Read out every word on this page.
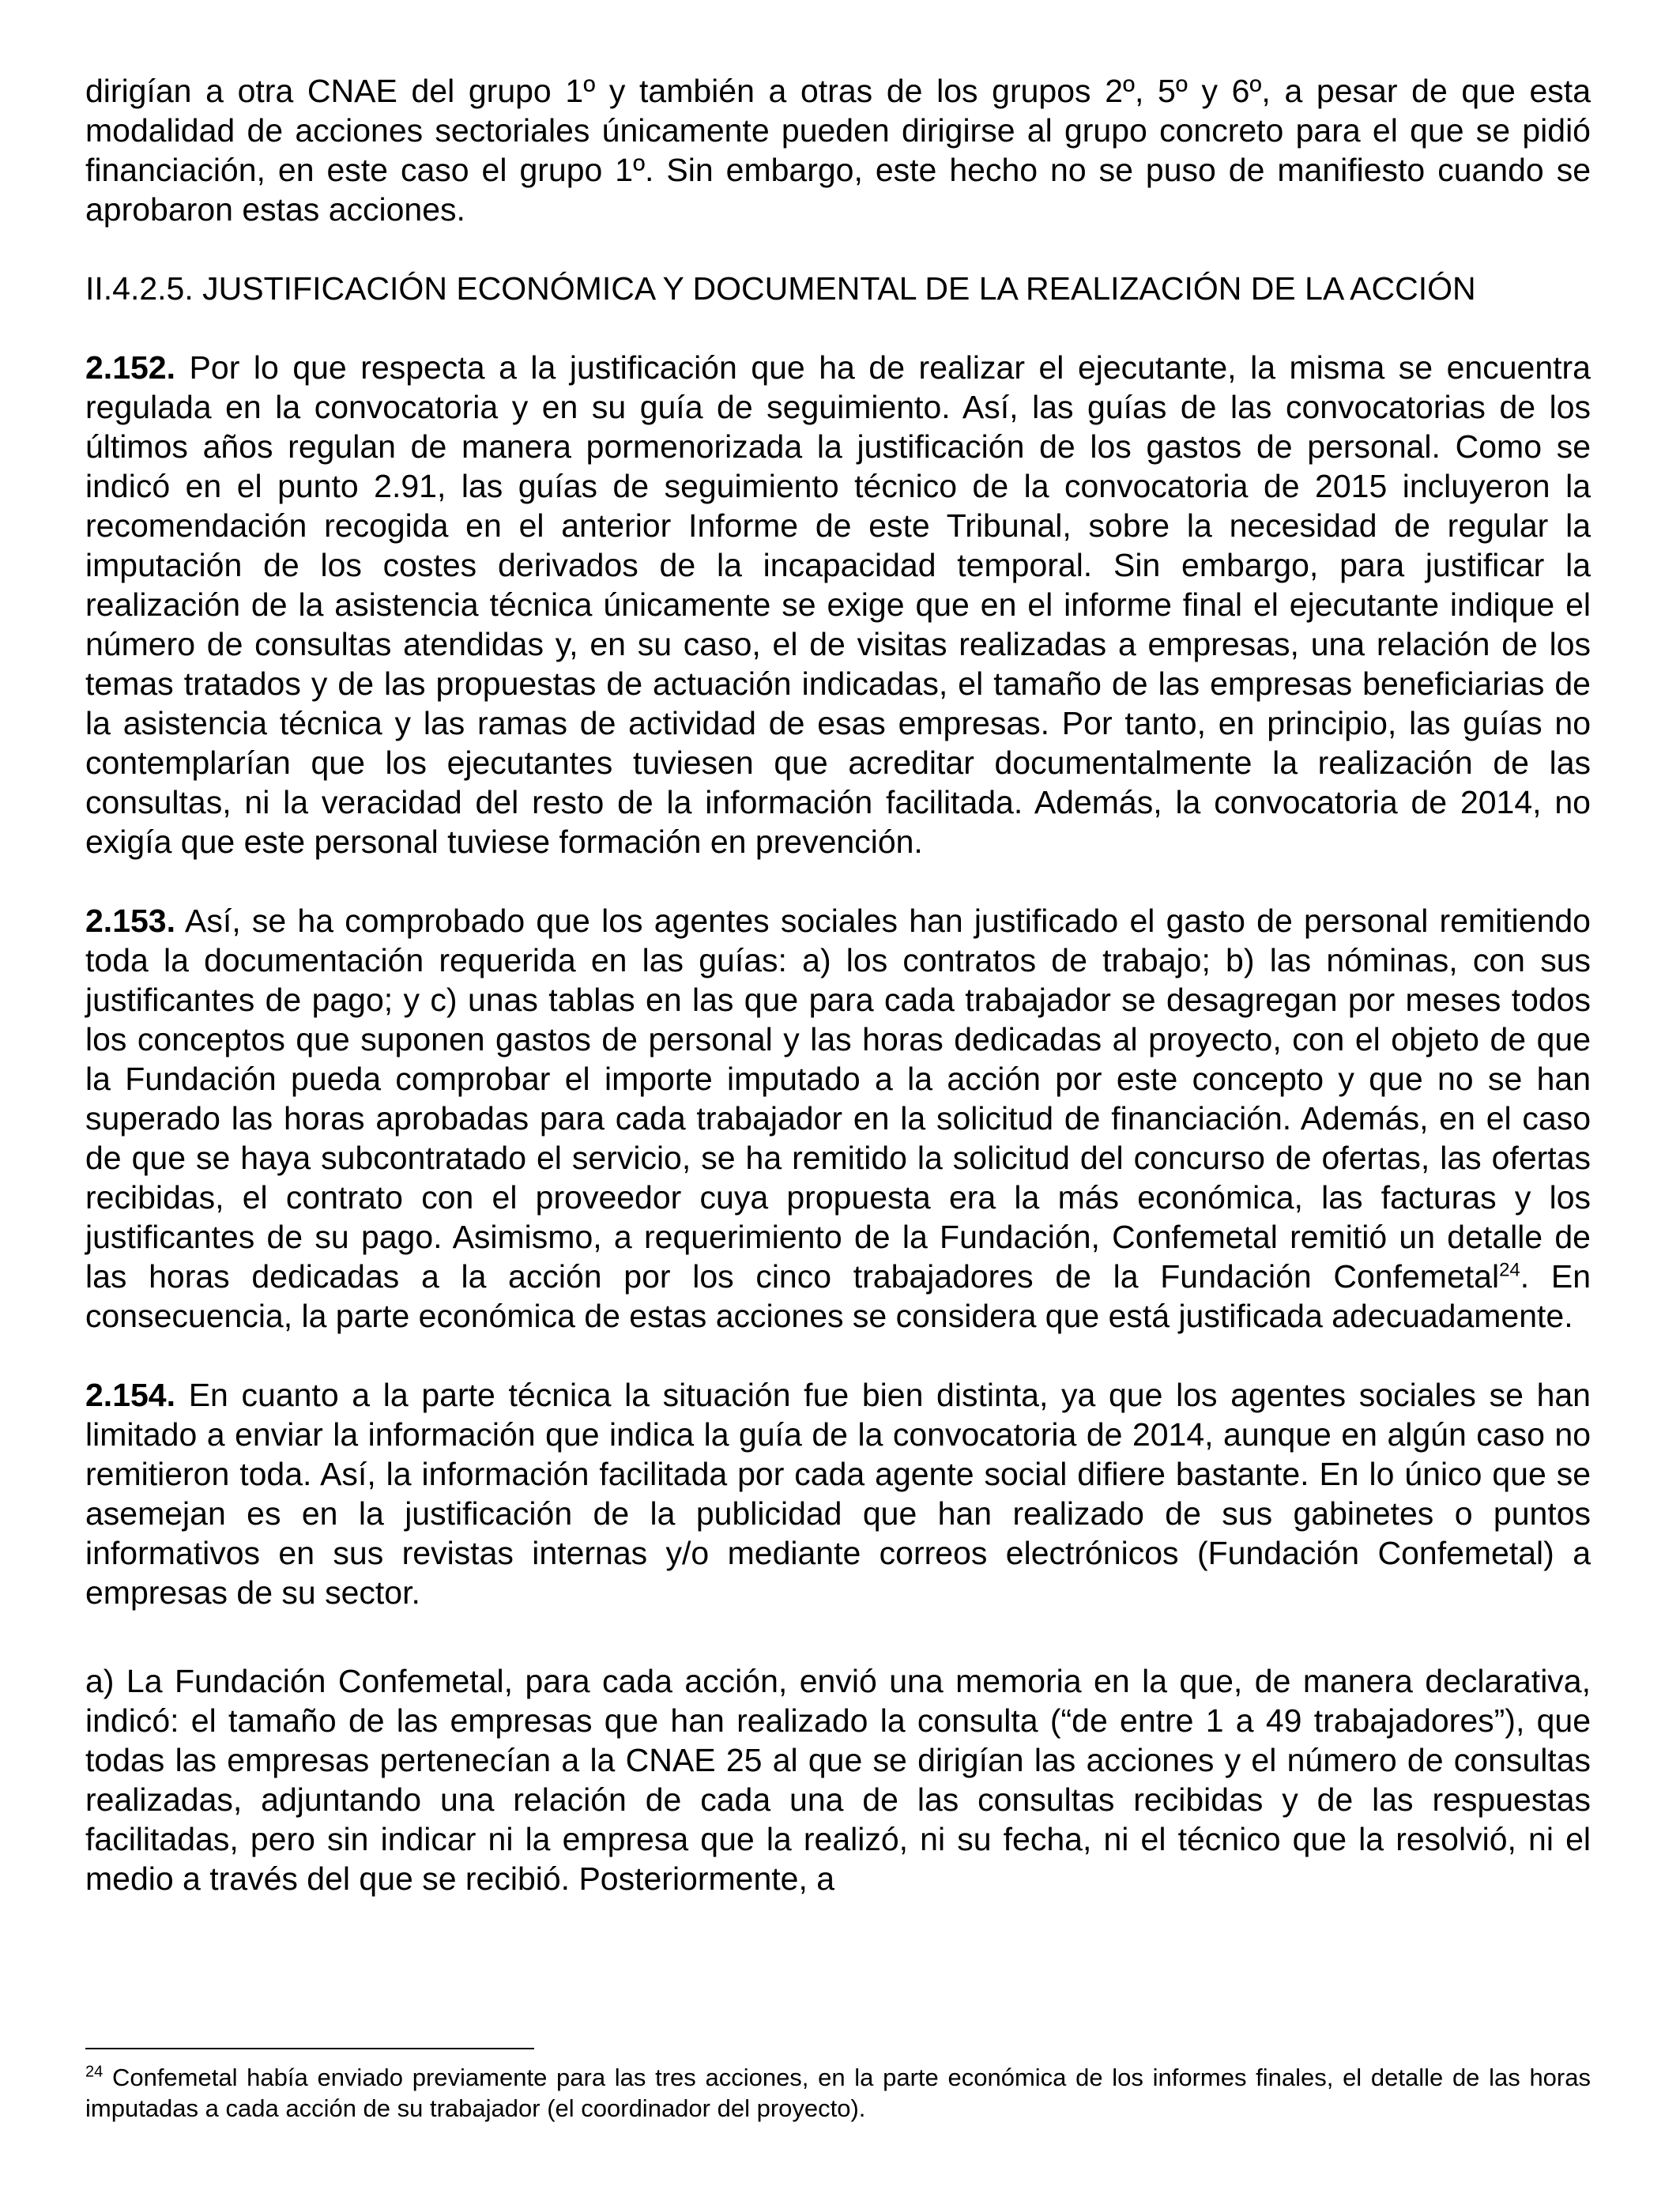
dirigían a otra CNAE del grupo 1º y también a otras de los grupos 2º, 5º y 6º, a pesar de que esta modalidad de acciones sectoriales únicamente pueden dirigirse al grupo concreto para el que se pidió financiación, en este caso el grupo 1º. Sin embargo, este hecho no se puso de manifiesto cuando se aprobaron estas acciones.

II.4.2.5. JUSTIFICACIÓN ECONÓMICA Y DOCUMENTAL DE LA REALIZACIÓN DE LA ACCIÓN

2.152. Por lo que respecta a la justificación que ha de realizar el ejecutante, la misma se encuentra regulada en la convocatoria y en su guía de seguimiento. Así, las guías de las convocatorias de los últimos años regulan de manera pormenorizada la justificación de los gastos de personal. Como se indicó en el punto 2.91, las guías de seguimiento técnico de la convocatoria de 2015 incluyeron la recomendación recogida en el anterior Informe de este Tribunal, sobre la necesidad de regular la imputación de los costes derivados de la incapacidad temporal. Sin embargo, para justificar la realización de la asistencia técnica únicamente se exige que en el informe final el ejecutante indique el número de consultas atendidas y, en su caso, el de visitas realizadas a empresas, una relación de los temas tratados y de las propuestas de actuación indicadas, el tamaño de las empresas beneficiarias de la asistencia técnica y las ramas de actividad de esas empresas. Por tanto, en principio, las guías no contemplarían que los ejecutantes tuviesen que acreditar documentalmente la realización de las consultas, ni la veracidad del resto de la información facilitada. Además, la convocatoria de 2014, no exigía que este personal tuviese formación en prevención.

2.153. Así, se ha comprobado que los agentes sociales han justificado el gasto de personal remitiendo toda la documentación requerida en las guías: a) los contratos de trabajo; b) las nóminas, con sus justificantes de pago; y c) unas tablas en las que para cada trabajador se desagregan por meses todos los conceptos que suponen gastos de personal y las horas dedicadas al proyecto, con el objeto de que la Fundación pueda comprobar el importe imputado a la acción por este concepto y que no se han superado las horas aprobadas para cada trabajador en la solicitud de financiación. Además, en el caso de que se haya subcontratado el servicio, se ha remitido la solicitud del concurso de ofertas, las ofertas recibidas, el contrato con el proveedor cuya propuesta era la más económica, las facturas y los justificantes de su pago. Asimismo, a requerimiento de la Fundación, Confemetal remitió un detalle de las horas dedicadas a la acción por los cinco trabajadores de la Fundación Confemetal$^{24}$. En consecuencia, la parte económica de estas acciones se considera que está justificada adecuadamente.

2.154. En cuanto a la parte técnica la situación fue bien distinta, ya que los agentes sociales se han limitado a enviar la información que indica la guía de la convocatoria de 2014, aunque en algún caso no remitieron toda. Así, la información facilitada por cada agente social difiere bastante. En lo único que se asemejan es en la justificación de la publicidad que han realizado de sus gabinetes o puntos informativos en sus revistas internas y/o mediante correos electrónicos (Fundación Confemetal) a empresas de su sector.

a) La Fundación Confemetal, para cada acción, envió una memoria en la que, de manera declarativa, indicó: el tamaño de las empresas que han realizado la consulta (“de entre 1 a 49 trabajadores”), que todas las empresas pertenecían a la CNAE 25 al que se dirigían las acciones y el número de consultas realizadas, adjuntando una relación de cada una de las consultas recibidas y de las respuestas facilitadas, pero sin indicar ni la empresa que la realizó, ni su fecha, ni el técnico que la resolvió, ni el medio a través del que se recibió. Posteriormente, a

$^{24}$ Confemetal había enviado previamente para las tres acciones, en la parte económica de los informes finales, el detalle de las horas imputadas a cada acción de su trabajador (el coordinador del proyecto).
